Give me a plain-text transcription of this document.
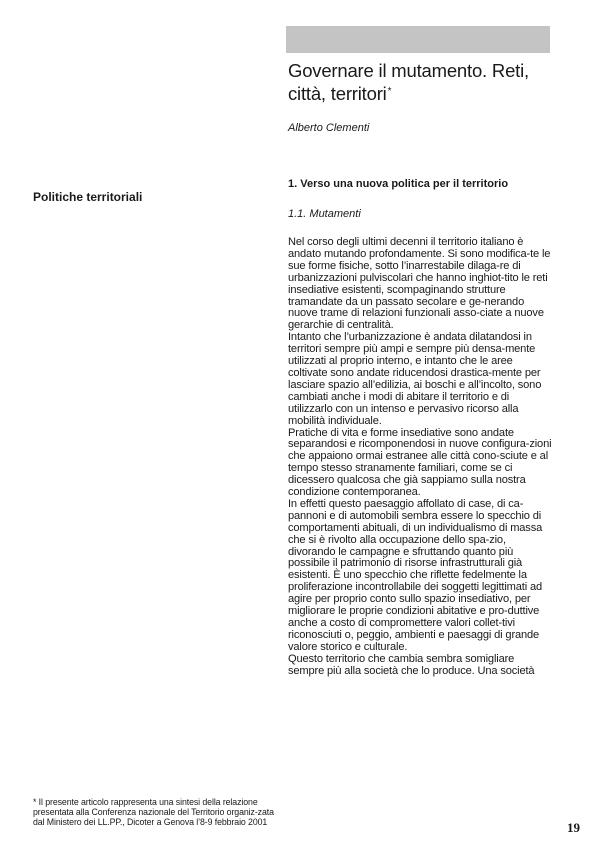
Governare il mutamento. Reti, città, territori*
Alberto Clementi
Politiche territoriali
1. Verso una nuova politica per il territorio
1.1. Mutamenti

Nel corso degli ultimi decenni il territorio italiano è andato mutando profondamente. Si sono modifica-te le sue forme fisiche, sotto l’inarrestabile dilaga-re di urbanizzazioni pulviscolari che hanno inghiot-tito le reti insediative esistenti, scompaginando strutture tramandate da un passato secolare e ge-nerando nuove trame di relazioni funzionali asso-ciate a nuove gerarchie di centralità.

Intanto che l’urbanizzazione è andata dilatandosi in territori sempre più ampi e sempre più densa-mente utilizzati al proprio interno, e intanto che le aree coltivate sono andate riducendosi drastica-mente per lasciare spazio all’edilizia, ai boschi e all’incolto, sono cambiati anche i modi di abitare il territorio e di utilizzarlo con un intenso e pervasivo ricorso alla mobilità individuale.

Pratiche di vita e forme insediative sono andate separandosi e ricomponendosi in nuove configura-zioni che appaiono ormai estranee alle città cono-sciute e al tempo stesso stranamente familiari, come se ci dicessero qualcosa che già sappiamo sulla nostra condizione contemporanea.

In effetti questo paesaggio affollato di case, di ca-pannoni e di automobili sembra essere lo specchio di comportamenti abituali, di un individualismo di massa che si è rivolto alla occupazione dello spa-zio, divorando le campagne e sfruttando quanto più possibile il patrimonio di risorse infrastrutturali già esistenti. È uno specchio che riflette fedelmente la proliferazione incontrollabile dei soggetti legittimati ad agire per proprio conto sullo spazio insediativo, per migliorare le proprie condizioni abitative e pro-duttive anche a costo di compromettere valori collet-tivi riconosciuti o, peggio, ambienti e paesaggi di grande valore storico e culturale.

Questo territorio che cambia sembra somigliare sempre più alla società che lo produce. Una società

* Il presente articolo rappresenta una sintesi della relazione presentata alla Conferenza nazionale del Territorio organiz-zata dal Ministero dei LL.PP., Dicoter a Genova l’8-9 febbraio 2001	19
